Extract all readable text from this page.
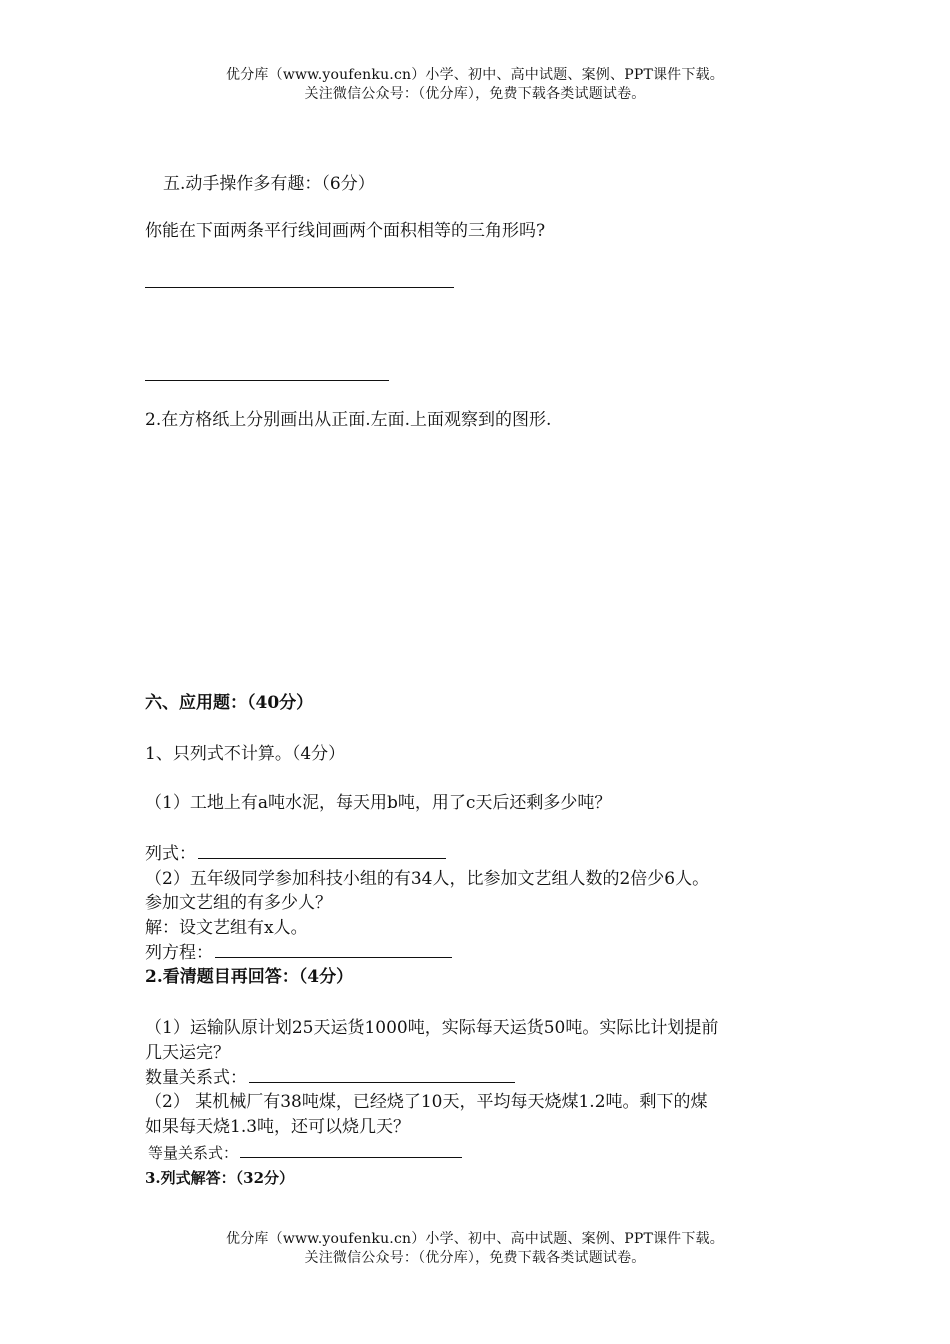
优分库（www.youfenku.cn）小学、初中、高中试题、案例、PPT课件下载。
关注微信公众号：（优分库），免费下载各类试题试卷。
五.动手操作多有趣：（6分）
你能在下面两条平行线间画两个面积相等的三角形吗?
2.在方格纸上分别画出从正面.左面.上面观察到的图形.
六、应用题：（40分）
1、只列式不计算。（4分）
（1）工地上有a吨水泥，每天用b吨，用了c天后还剩多少吨？
列式：
（2）五年级同学参加科技小组的有34人，比参加文艺组人数的2倍少6人。
参加文艺组的有多少人？
解：设文艺组有x人。
列方程：
2.看清题目再回答：（4分）
（1）运输队原计划25天运货1000吨，实际每天运货50吨。实际比计划提前
几天运完？
数量关系式：
（2） 某机械厂有38吨煤，已经烧了10天，平均每天烧煤1.2吨。剩下的煤
如果每天烧1.3吨，还可以烧几天？
等量关系式：
3.列式解答：（32分）
优分库（www.youfenku.cn）小学、初中、高中试题、案例、PPT课件下载。
关注微信公众号：（优分库），免费下载各类试题试卷。
